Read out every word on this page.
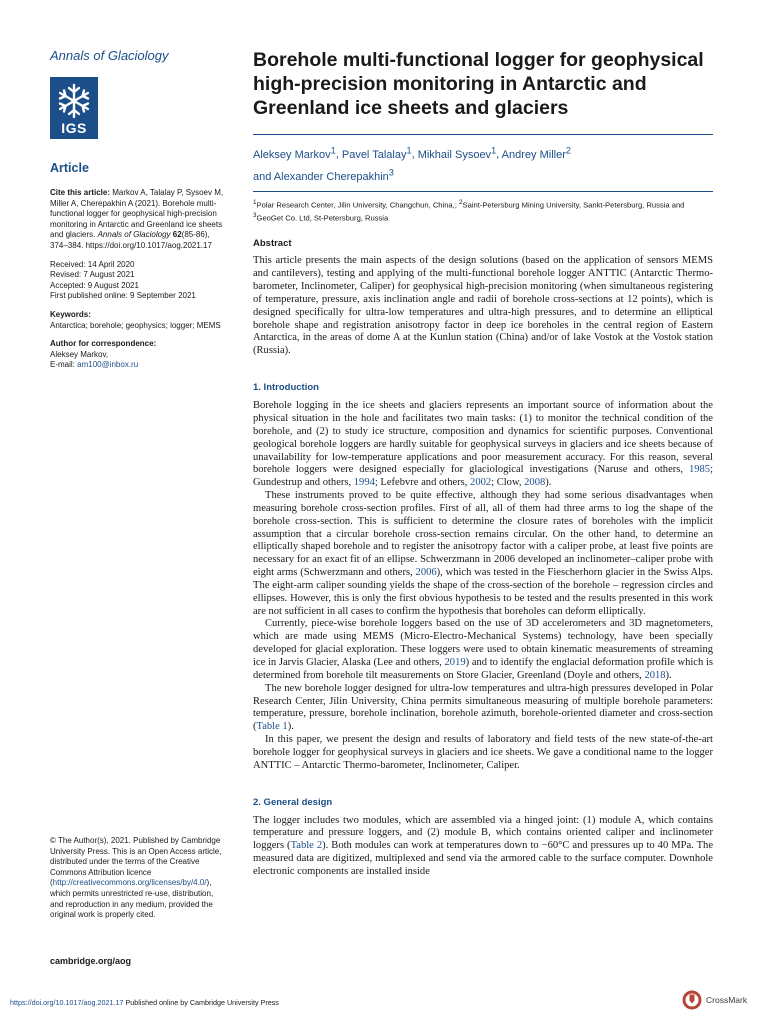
Annals of Glaciology
IGS
Article
Cite this article: Markov A, Talalay P, Sysoev M, Miller A, Cherepakhin A (2021). Borehole multi-functional logger for geophysical high-precision monitoring in Antarctic and Greenland ice sheets and glaciers. Annals of Glaciology 62(85-86), 374–384. https://doi.org/10.1017/aog.2021.17
Received: 14 April 2020
Revised: 7 August 2021
Accepted: 9 August 2021
First published online: 9 September 2021
Keywords:
Antarctica; borehole; geophysics; logger; MEMS
Author for correspondence:
Aleksey Markov,
E-mail: am100@inbox.ru
© The Author(s), 2021. Published by Cambridge University Press. This is an Open Access article, distributed under the terms of the Creative Commons Attribution licence (http://creativecommons.org/licenses/by/4.0/), which permits unrestricted re-use, distribution, and reproduction in any medium, provided the original work is properly cited.
cambridge.org/aog
Borehole multi-functional logger for geophysical high-precision monitoring in Antarctic and Greenland ice sheets and glaciers
Aleksey Markov$^1$, Pavel Talalay$^1$, Mikhail Sysoev$^1$, Andrey Miller$^2$
and Alexander Cherepakhin$^3$
$^1$Polar Research Center, Jilin University, Changchun, China,; $^2$Saint-Petersburg Mining University, Sankt-Petersburg, Russia and $^3$GeoGet Co. Ltd, St-Petersburg, Russia
Abstract

This article presents the main aspects of the design solutions (based on the application of sensors MEMS and cantilevers), testing and applying of the multi-functional borehole logger ANTTIC (Antarctic Thermo-barometer, Inclinometer, Caliper) for geophysical high-precision monitoring (when simultaneous registering of temperature, pressure, axis inclination angle and radii of borehole cross-sections at 12 points), which is designed specifically for ultra-low temperatures and ultra-high pressures, and to determine an elliptical borehole shape and registration anisotropy factor in deep ice boreholes in the central region of Eastern Antarctica, in the areas of dome A at the Kunlun station (China) and/or of lake Vostok at the Vostok station (Russia).

1. Introduction

Borehole logging in the ice sheets and glaciers represents an important source of information about the physical situation in the hole and facilitates two main tasks: (1) to monitor the technical condition of the borehole, and (2) to study ice structure, composition and dynamics for scientific purposes. Conventional geological borehole loggers are hardly suitable for geophysical surveys in glaciers and ice sheets because of unavailability for low-temperature applications and poor measurement accuracy. For this reason, several borehole loggers were designed especially for glaciological investigations (Naruse and others, 1985; Gundestrup and others, 1994; Lefebvre and others, 2002; Clow, 2008).

These instruments proved to be quite effective, although they had some serious disadvantages when measuring borehole cross-section profiles. First of all, all of them had three arms to log the shape of the borehole cross-section. This is sufficient to determine the closure rates of boreholes with the implicit assumption that a circular borehole cross-section remains circular. On the other hand, to determine an elliptically shaped borehole and to register the anisotropy factor with a caliper probe, at least five points are necessary for an exact fit of an ellipse. Schwerzmann in 2006 developed an inclinometer–caliper probe with eight arms (Schwerzmann and others, 2006), which was tested in the Fiescherhorn glacier in the Swiss Alps. The eight-arm caliper sounding yields the shape of the cross-section of the borehole – regression circles and ellipses. However, this is only the first obvious hypothesis to be tested and the results presented in this work are not sufficient in all cases to confirm the hypothesis that boreholes can deform elliptically.

Currently, piece-wise borehole loggers based on the use of 3D accelerometers and 3D magnetometers, which are made using MEMS (Micro-Electro-Mechanical Systems) technology, have been specially developed for glacial exploration. These loggers were used to obtain kinematic measurements of streaming ice in Jarvis Glacier, Alaska (Lee and others, 2019) and to identify the englacial deformation profile which is determined from borehole tilt measurements on Store Glacier, Greenland (Doyle and others, 2018).

The new borehole logger designed for ultra-low temperatures and ultra-high pressures developed in Polar Research Center, Jilin University, China permits simultaneous measuring of multiple borehole parameters: temperature, pressure, borehole inclination, borehole azimuth, borehole-oriented diameter and cross-section (Table 1).

In this paper, we present the design and results of laboratory and field tests of the new state-of-the-art borehole logger for geophysical surveys in glaciers and ice sheets. We gave a conditional name to the logger ANTTIC – Antarctic Thermo-barometer, Inclinometer, Caliper.

2. General design

The logger includes two modules, which are assembled via a hinged joint: (1) module A, which contains temperature and pressure loggers, and (2) module B, which contains oriented caliper and inclinometer loggers (Table 2). Both modules can work at temperatures down to −60°C and pressures up to 40 MPa. The measured data are digitized, multiplexed and send via the armored cable to the surface computer. Downhole electronic components are installed inside

https://doi.org/10.1017/aog.2021.17 Published online by Cambridge University Press	CrossMark
